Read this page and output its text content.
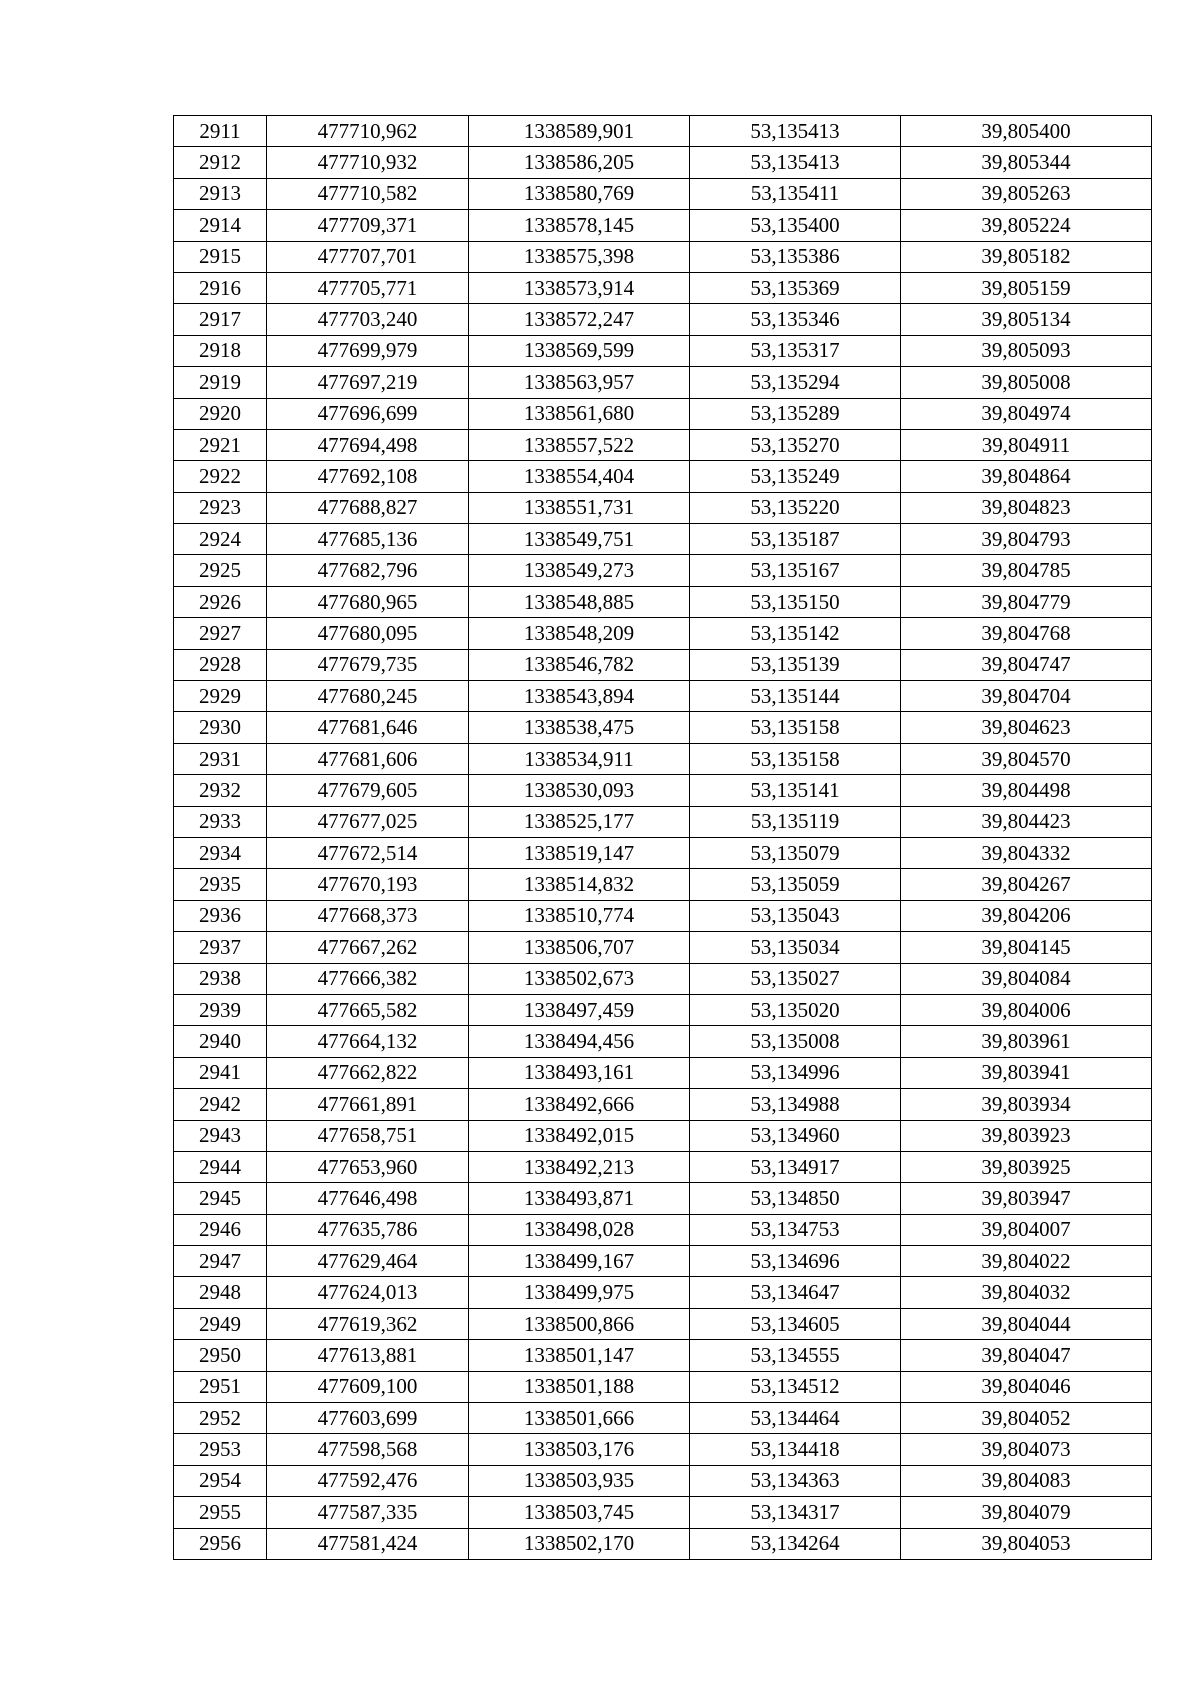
2911	477710,962	1338589,901	53,135413	39,805400
2912	477710,932	1338586,205	53,135413	39,805344
2913	477710,582	1338580,769	53,135411	39,805263
2914	477709,371	1338578,145	53,135400	39,805224
2915	477707,701	1338575,398	53,135386	39,805182
2916	477705,771	1338573,914	53,135369	39,805159
2917	477703,240	1338572,247	53,135346	39,805134
2918	477699,979	1338569,599	53,135317	39,805093
2919	477697,219	1338563,957	53,135294	39,805008
2920	477696,699	1338561,680	53,135289	39,804974
2921	477694,498	1338557,522	53,135270	39,804911
2922	477692,108	1338554,404	53,135249	39,804864
2923	477688,827	1338551,731	53,135220	39,804823
2924	477685,136	1338549,751	53,135187	39,804793
2925	477682,796	1338549,273	53,135167	39,804785
2926	477680,965	1338548,885	53,135150	39,804779
2927	477680,095	1338548,209	53,135142	39,804768
2928	477679,735	1338546,782	53,135139	39,804747
2929	477680,245	1338543,894	53,135144	39,804704
2930	477681,646	1338538,475	53,135158	39,804623
2931	477681,606	1338534,911	53,135158	39,804570
2932	477679,605	1338530,093	53,135141	39,804498
2933	477677,025	1338525,177	53,135119	39,804423
2934	477672,514	1338519,147	53,135079	39,804332
2935	477670,193	1338514,832	53,135059	39,804267
2936	477668,373	1338510,774	53,135043	39,804206
2937	477667,262	1338506,707	53,135034	39,804145
2938	477666,382	1338502,673	53,135027	39,804084
2939	477665,582	1338497,459	53,135020	39,804006
2940	477664,132	1338494,456	53,135008	39,803961
2941	477662,822	1338493,161	53,134996	39,803941
2942	477661,891	1338492,666	53,134988	39,803934
2943	477658,751	1338492,015	53,134960	39,803923
2944	477653,960	1338492,213	53,134917	39,803925
2945	477646,498	1338493,871	53,134850	39,803947
2946	477635,786	1338498,028	53,134753	39,804007
2947	477629,464	1338499,167	53,134696	39,804022
2948	477624,013	1338499,975	53,134647	39,804032
2949	477619,362	1338500,866	53,134605	39,804044
2950	477613,881	1338501,147	53,134555	39,804047
2951	477609,100	1338501,188	53,134512	39,804046
2952	477603,699	1338501,666	53,134464	39,804052
2953	477598,568	1338503,176	53,134418	39,804073
2954	477592,476	1338503,935	53,134363	39,804083
2955	477587,335	1338503,745	53,134317	39,804079
2956	477581,424	1338502,170	53,134264	39,804053
